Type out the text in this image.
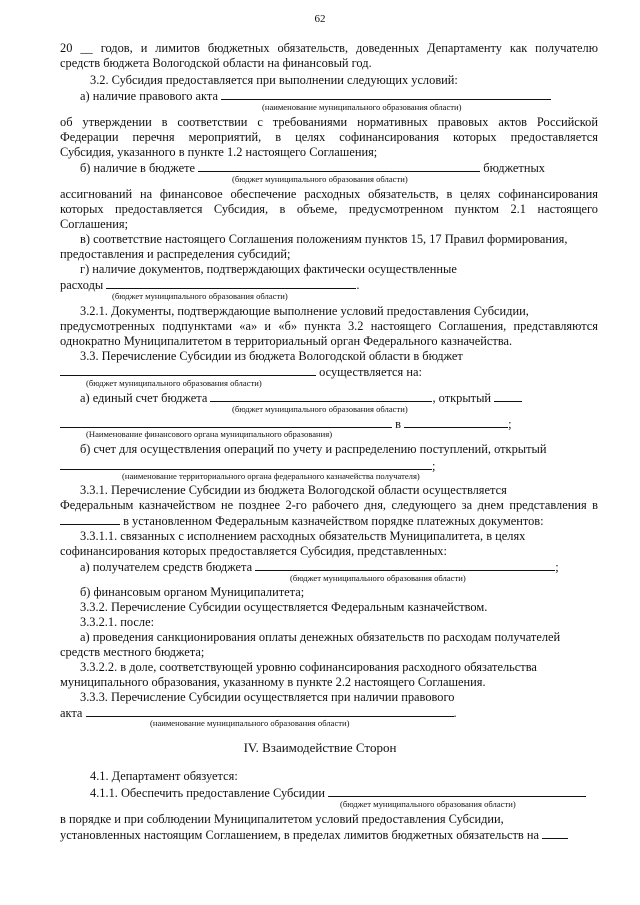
62
20 __ годов, и лимитов бюджетных обязательств, доведенных Департаменту как получателю
средств бюджета Вологодской области на финансовый год.
3.2. Субсидия предоставляется при выполнении следующих условий:
а) наличие правового акта
(наименование муниципального образования области)
об утверждении в соответствии с требованиями нормативных правовых актов Российской
Федерации перечня мероприятий, в целях софинансирования которых предоставляется
Субсидия, указанного в пункте 1.2 настоящего Соглашения;
б) наличие в бюджете	бюджетных
(бюджет муниципального образования области)
ассигнований на финансовое обеспечение расходных обязательств, в целях софинансирования
которых предоставляется Субсидия, в объеме, предусмотренном пунктом 2.1 настоящего
Соглашения;
в) соответствие настоящего Соглашения положениям пунктов 15, 17 Правил формирования,
предоставления и распределения субсидий;
г) наличие документов, подтверждающих фактически осуществленные
расходы	.
(бюджет муниципального образования области)
3.2.1. Документы, подтверждающие выполнение условий предоставления Субсидии,
предусмотренных подпунктами «а» и «б» пункта 3.2 настоящего Соглашения, представляются
однократно Муниципалитетом в территориальный орган Федерального казначейства.
3.3. Перечисление Субсидии из бюджета Вологодской области в бюджет
осуществляется на:
(бюджет муниципального образования области)
а) единый счет бюджета	, открытый
(бюджет муниципального образования области)
в	;
(Наименование финансового органа муниципального образования)
б) счет для осуществления операций по учету и распределению поступлений, открытый
;
(наименование территориального органа федерального казначейства получателя)
3.3.1. Перечисление Субсидии из бюджета Вологодской области осуществляется
Федеральным казначейством не позднее 2-го рабочего дня, следующего за днем представления в
в установленном Федеральным казначейством порядке платежных документов:
3.3.1.1. связанных с исполнением расходных обязательств Муниципалитета, в целях
софинансирования которых предоставляется Субсидия, представленных:
а) получателем средств бюджета	;
(бюджет муниципального образования области)
б) финансовым органом Муниципалитета;
3.3.2. Перечисление Субсидии осуществляется Федеральным казначейством.
3.3.2.1. после:
а) проведения санкционирования оплаты денежных обязательств по расходам получателей
средств местного бюджета;
3.3.2.2. в доле, соответствующей уровню софинансирования расходного обязательства
муниципального образования, указанному в пункте 2.2 настоящего Соглашения.
3.3.3. Перечисление Субсидии осуществляется при наличии правового
акта	.
(наименование муниципального образования области)
IV. Взаимодействие Сторон
4.1. Департамент обязуется:
4.1.1. Обеспечить предоставление Субсидии
(бюджет муниципального образования области)
в порядке и при соблюдении Муниципалитетом условий предоставления Субсидии,
установленных настоящим Соглашением, в пределах лимитов бюджетных обязательств на
